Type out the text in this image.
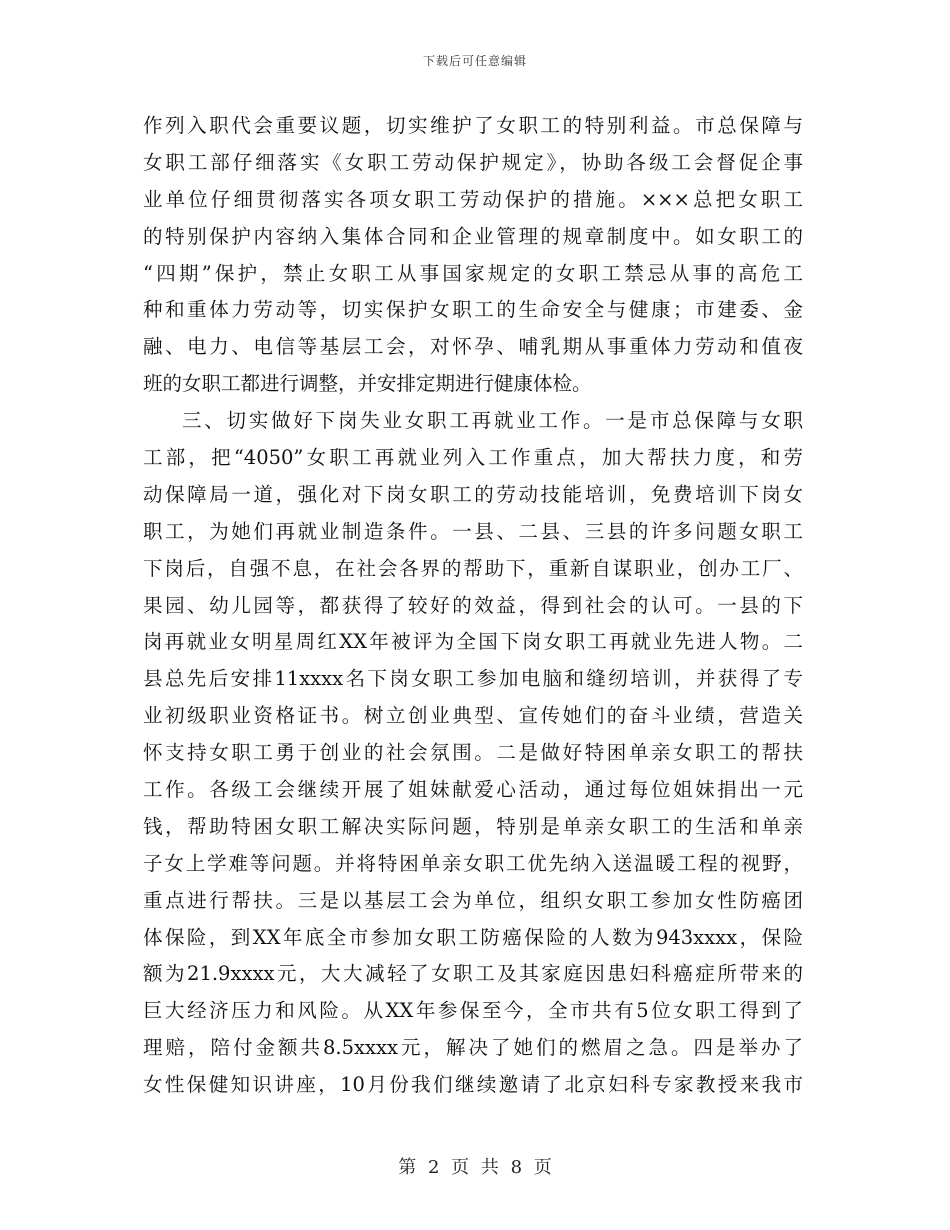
下载后可任意编辑
作列入职代会重要议题，切实维护了女职工的特别利益。市总保障与
女职工部仔细落实《女职工劳动保护规定》，协助各级工会督促企事
业单位仔细贯彻落实各项女职工劳动保护的措施。×××总把女职工
的特别保护内容纳入集体合同和企业管理的规章制度中。如女职工的
“四期”保护，禁止女职工从事国家规定的女职工禁忌从事的高危工
种和重体力劳动等，切实保护女职工的生命安全与健康；市建委、金
融、电力、电信等基层工会，对怀孕、哺乳期从事重体力劳动和值夜
班的女职工都进行调整，并安排定期进行健康体检。
三、切实做好下岗失业女职工再就业工作。一是市总保障与女职
工部，把“4050”女职工再就业列入工作重点，加大帮扶力度，和劳
动保障局一道，强化对下岗女职工的劳动技能培训，免费培训下岗女
职工，为她们再就业制造条件。一县、二县、三县的许多问题女职工
下岗后，自强不息，在社会各界的帮助下，重新自谋职业，创办工厂、
果园、幼儿园等，都获得了较好的效益，得到社会的认可。一县的下
岗再就业女明星周红XX年被评为全国下岗女职工再就业先进人物。二
县总先后安排11xxxx名下岗女职工参加电脑和缝纫培训，并获得了专
业初级职业资格证书。树立创业典型、宣传她们的奋斗业绩，营造关
怀支持女职工勇于创业的社会氛围。二是做好特困单亲女职工的帮扶
工作。各级工会继续开展了姐妹献爱心活动，通过每位姐妹捐出一元
钱，帮助特困女职工解决实际问题，特别是单亲女职工的生活和单亲
子女上学难等问题。并将特困单亲女职工优先纳入送温暖工程的视野，
重点进行帮扶。三是以基层工会为单位，组织女职工参加女性防癌团
体保险，到XX年底全市参加女职工防癌保险的人数为943xxxx，保险
额为21.9xxxx元，大大减轻了女职工及其家庭因患妇科癌症所带来的
巨大经济压力和风险。从XX年参保至今，全市共有5位女职工得到了
理赔，陪付金额共8.5xxxx元，解决了她们的燃眉之急。四是举办了
女性保健知识讲座，10月份我们继续邀请了北京妇科专家教授来我市
第 2 页 共 8 页
